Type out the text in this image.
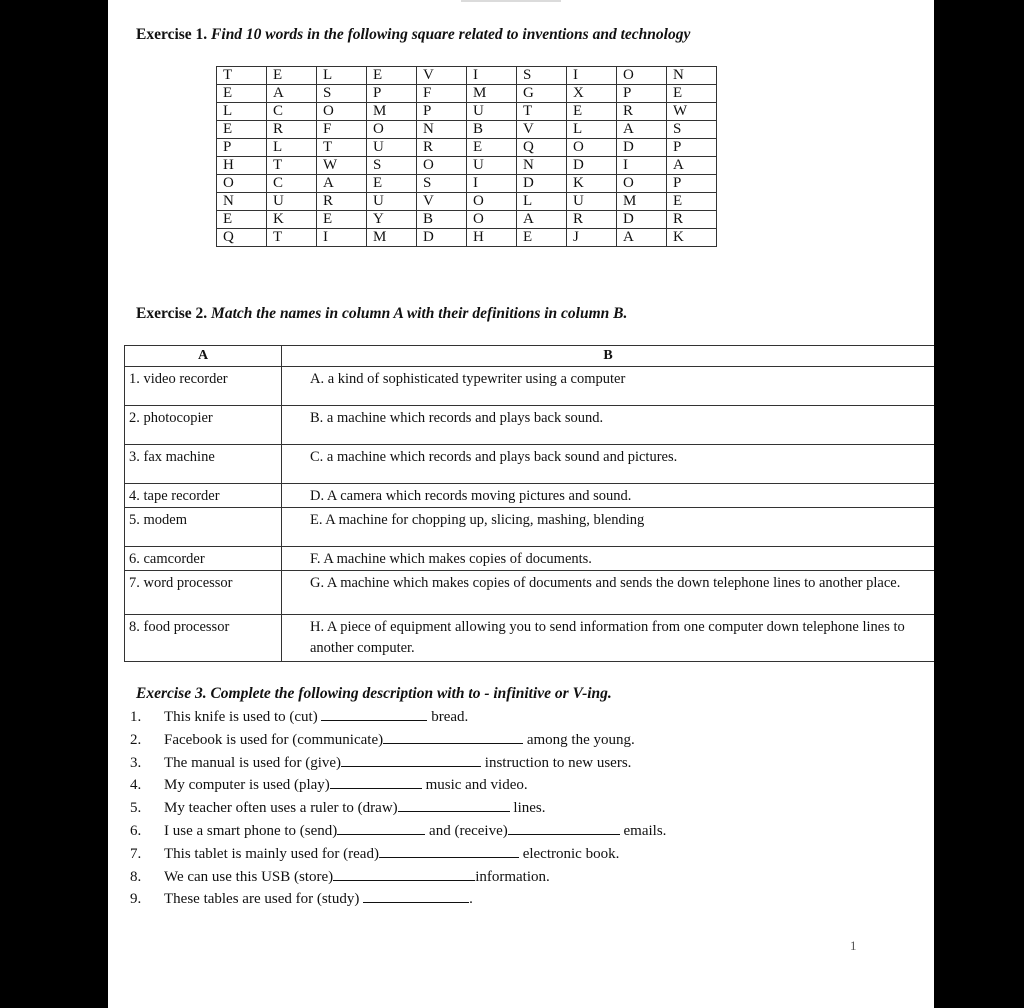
Exercise 1. Find 10 words in the following square related to inventions and technology
T	E	L	E	V	I	S	I	O	N
E	A	S	P	F	M	G	X	P	E
L	C	O	M	P	U	T	E	R	W
E	R	F	O	N	B	V	L	A	S
P	L	T	U	R	E	Q	O	D	P
H	T	W	S	O	U	N	D	I	A
O	C	A	E	S	I	D	K	O	P
N	U	R	U	V	O	L	U	M	E
E	K	E	Y	B	O	A	R	D	R
Q	T	I	M	D	H	E	J	A	K
Exercise 2. Match the names in column A with their definitions in column B.
A	B
1. video recorder	A. a kind of sophisticated typewriter using a computer
2. photocopier	B. a machine which records and plays back sound.
3. fax machine	C. a machine which records and plays back sound and pictures.
4. tape recorder	D. A camera which records moving pictures and sound.
5. modem	E. A machine for chopping up, slicing, mashing, blending
6. camcorder	F. A machine which makes copies of documents.
7. word processor	G. A machine which makes copies of documents and sends the down telephone lines to another place.
8. food processor	H. A piece of equipment allowing you to send information from one computer down telephone lines to another computer.
Exercise 3. Complete the following description with to - infinitive or V-ing.
1. This knife is used to (cut)	bread.
2. Facebook is used for (communicate)	among the young.
3. The manual is used for (give)	instruction to new users.
4. My computer is used (play)	music and video.
5. My teacher often uses a ruler to (draw)	lines.
6. I use a smart phone to (send)	and (receive)	emails.
7. This tablet is mainly used for (read)	electronic book.
8. We can use this USB (store)	information.
9. These tables are used for (study)	.
1
